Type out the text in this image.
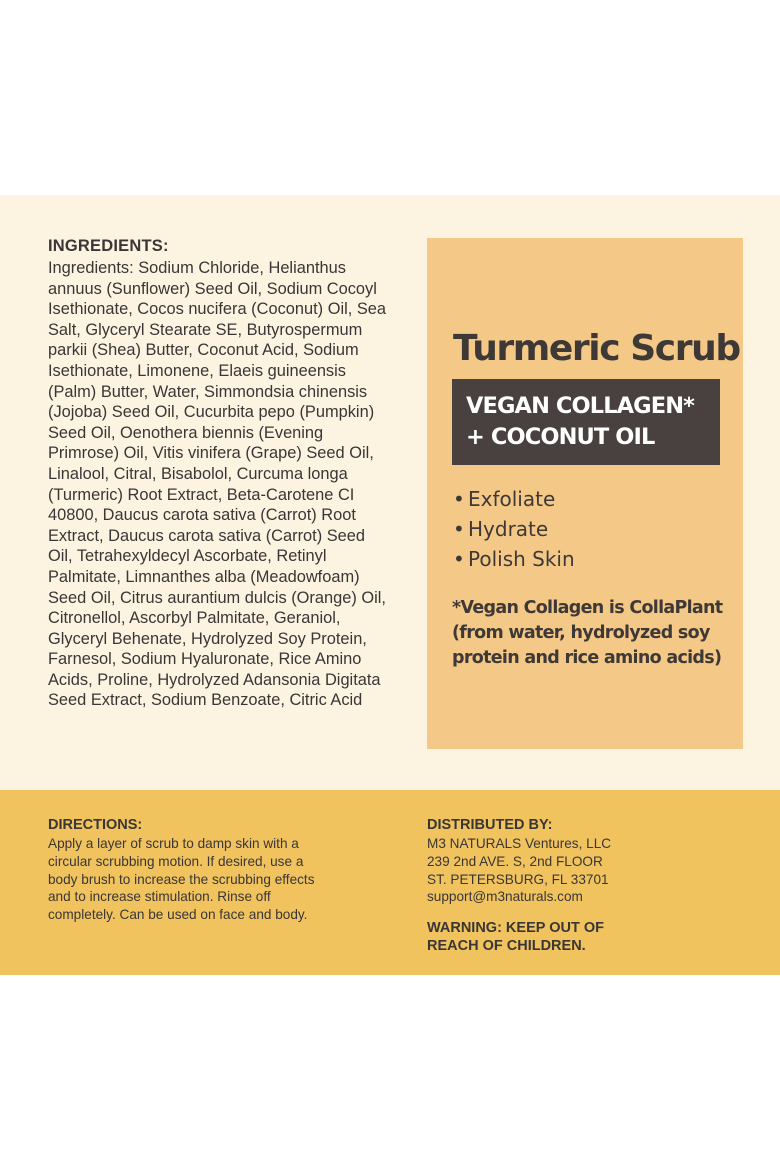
INGREDIENTS:

Ingredients: Sodium Chloride, Helianthus annuus (Sunflower) Seed Oil, Sodium Cocoyl Isethionate, Cocos nucifera (Coconut) Oil, Sea Salt, Glyceryl Stearate SE, Butyrospermum parkii (Shea) Butter, Coconut Acid, Sodium Isethionate, Limonene, Elaeis guineensis (Palm) Butter, Water, Simmondsia chinensis (Jojoba) Seed Oil, Cucurbita pepo (Pumpkin) Seed Oil, Oenothera biennis (Evening Primrose) Oil, Vitis vinifera (Grape) Seed Oil, Linalool, Citral, Bisabolol, Curcuma longa (Turmeric) Root Extract, Beta-Carotene CI 40800, Daucus carota sativa (Carrot) Root Extract, Daucus carota sativa (Carrot) Seed Oil, Tetrahexyldecyl Ascorbate, Retinyl Palmitate, Limnanthes alba (Meadowfoam) Seed Oil, Citrus aurantium dulcis (Orange) Oil, Citronellol, Ascorbyl Palmitate, Geraniol, Glyceryl Behenate, Hydrolyzed Soy Protein, Farnesol, Sodium Hyaluronate, Rice Amino Acids, Proline, Hydrolyzed Adansonia Digitata Seed Extract, Sodium Benzoate, Citric Acid

Turmeric Scrub
VEGAN COLLAGEN*
+ COCONUT OIL
• Exfoliate
• Hydrate
• Polish Skin

*Vegan Collagen is CollaPlant
(from water, hydrolyzed soy
protein and rice amino acids)

DIRECTIONS:

Apply a layer of scrub to damp skin with a
circular scrubbing motion. If desired, use a
body brush to increase the scrubbing effects
and to increase stimulation. Rinse off
completely. Can be used on face and body.

DISTRIBUTED BY:

M3 NATURALS Ventures, LLC
239 2nd AVE. S, 2nd FLOOR
ST. PETERSBURG, FL 33701
support@m3naturals.com

WARNING: KEEP OUT OF
REACH OF CHILDREN.
